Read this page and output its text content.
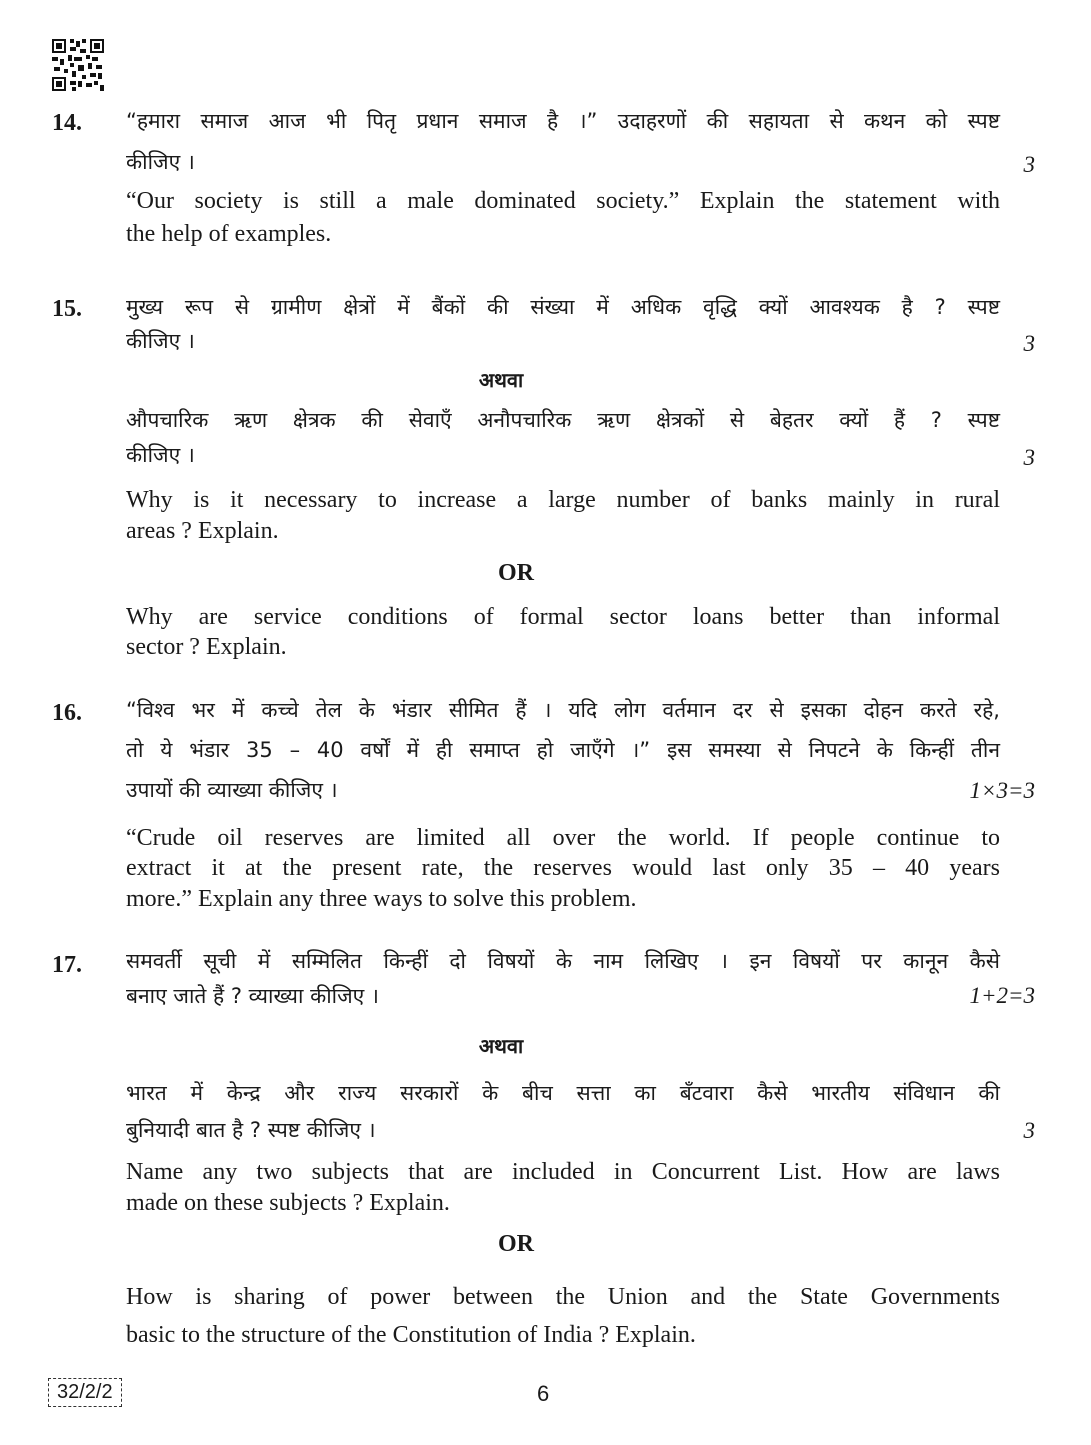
14. “हमारा समाज आज भी पितृ प्रधान समाज है ।” उदाहरणों की सहायता से कथन को स्पष्ट
कीजिए ।	3
“Our society is still a male dominated society.” Explain the statement with
the help of examples.
15. मुख्य रूप से ग्रामीण क्षेत्रों में बैंकों की संख्या में अधिक वृद्धि क्यों आवश्यक है ? स्पष्ट
कीजिए ।	3
अथवा
औपचारिक ऋण क्षेत्रक की सेवाएँ अनौपचारिक ऋण क्षेत्रकों से बेहतर क्यों हैं ? स्पष्ट
कीजिए ।	3
Why is it necessary to increase a large number of banks mainly in rural
areas ? Explain.
OR
Why are service conditions of formal sector loans better than informal
sector ? Explain.
16. “विश्व भर में कच्चे तेल के भंडार सीमित हैं । यदि लोग वर्तमान दर से इसका दोहन करते रहे,
तो ये भंडार 35 – 40 वर्षों में ही समाप्त हो जाएँगे ।” इस समस्या से निपटने के किन्हीं तीन
उपायों की व्याख्या कीजिए ।	1×3=3
“Crude oil reserves are limited all over the world. If people continue to
extract it at the present rate, the reserves would last only 35 – 40 years
more.” Explain any three ways to solve this problem.
17. समवर्ती सूची में सम्मिलित किन्हीं दो विषयों के नाम लिखिए । इन विषयों पर कानून कैसे
बनाए जाते हैं ? व्याख्या कीजिए ।	1+2=3
अथवा
भारत में केन्द्र और राज्य सरकारों के बीच सत्ता का बँटवारा कैसे भारतीय संविधान की
बुनियादी बात है ? स्पष्ट कीजिए ।	3
Name any two subjects that are included in Concurrent List. How are laws
made on these subjects ? Explain.
OR
How is sharing of power between the Union and the State Governments
basic to the structure of the Constitution of India ? Explain.
32/2/2	6
